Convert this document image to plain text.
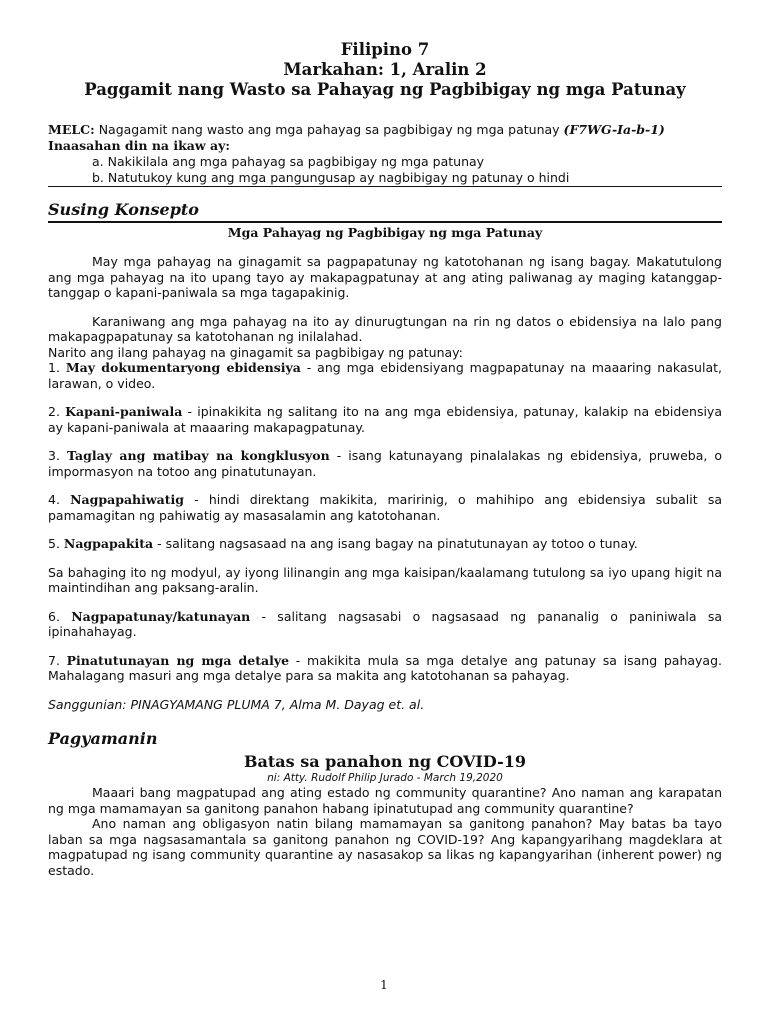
Filipino 7
Markahan: 1, Aralin 2
Paggamit nang Wasto sa Pahayag ng Pagbibigay ng mga Patunay
MELC: Nagagamit nang wasto ang mga pahayag sa pagbibigay ng mga patunay (F7WG-Ia-b-1)
Inaasahan din na ikaw ay:
a. Nakikilala ang mga pahayag sa pagbibigay ng mga patunay
b. Natutukoy kung ang mga pangungusap ay nagbibigay ng patunay o hindi
Susing Konsepto
Mga Pahayag ng Pagbibigay ng mga Patunay

May mga pahayag na ginagamit sa pagpapatunay ng katotohanan ng isang bagay. Makatutulong ang mga pahayag na ito upang tayo ay makapagpatunay at ang ating paliwanag ay maging katanggap-tanggap o kapani-paniwala sa mga tagapakinig.

Karaniwang ang mga pahayag na ito ay dinurugtungan na rin ng datos o ebidensiya na lalo pang makapagpapatunay sa katotohanan ng inilalahad.

Narito ang ilang pahayag na ginagamit sa pagbibigay ng patunay:

1. May dokumentaryong ebidensiya - ang mga ebidensiyang magpapatunay na maaaring nakasulat, larawan, o video.

2. Kapani-paniwala - ipinakikita ng salitang ito na ang mga ebidensiya, patunay, kalakip na ebidensiya ay kapani-paniwala at maaaring makapagpatunay.

3. Taglay ang matibay na kongklusyon - isang katunayang pinalalakas ng ebidensiya, pruweba, o impormasyon na totoo ang pinatutunayan.

4. Nagpapahiwatig - hindi direktang makikita, maririnig, o mahihipo ang ebidensiya subalit sa pamamagitan ng pahiwatig ay masasalamin ang katotohanan.

5. Nagpapakita - salitang nagsasaad na ang isang bagay na pinatutunayan ay totoo o tunay.

Sa bahaging ito ng modyul, ay iyong lilinangin ang mga kaisipan/kaalamang tutulong sa iyo upang higit na maintindihan ang paksang-aralin.

6. Nagpapatunay/katunayan - salitang nagsasabi o nagsasaad ng pananalig o paniniwala sa ipinahahayag.

7. Pinatutunayan ng mga detalye - makikita mula sa mga detalye ang patunay sa isang pahayag. Mahalagang masuri ang mga detalye para sa makita ang katotohanan sa pahayag.

Sanggunian: PINAGYAMANG PLUMA 7, Alma M. Dayag et. al.

Pagyamanin
Batas sa panahon ng COVID-19
ni: Atty. Rudolf Philip Jurado - March 19,2020

Maaari bang magpatupad ang ating estado ng community quarantine? Ano naman ang karapatan ng mga mamamayan sa ganitong panahon habang ipinatutupad ang community quarantine?

Ano naman ang obligasyon natin bilang mamamayan sa ganitong panahon? May batas ba tayo laban sa mga nagsasamantala sa ganitong panahon ng COVID-19? Ang kapangyarihang magdeklara at magpatupad ng isang community quarantine ay nasasakop sa likas ng kapangyarihan (inherent power) ng estado.

1
